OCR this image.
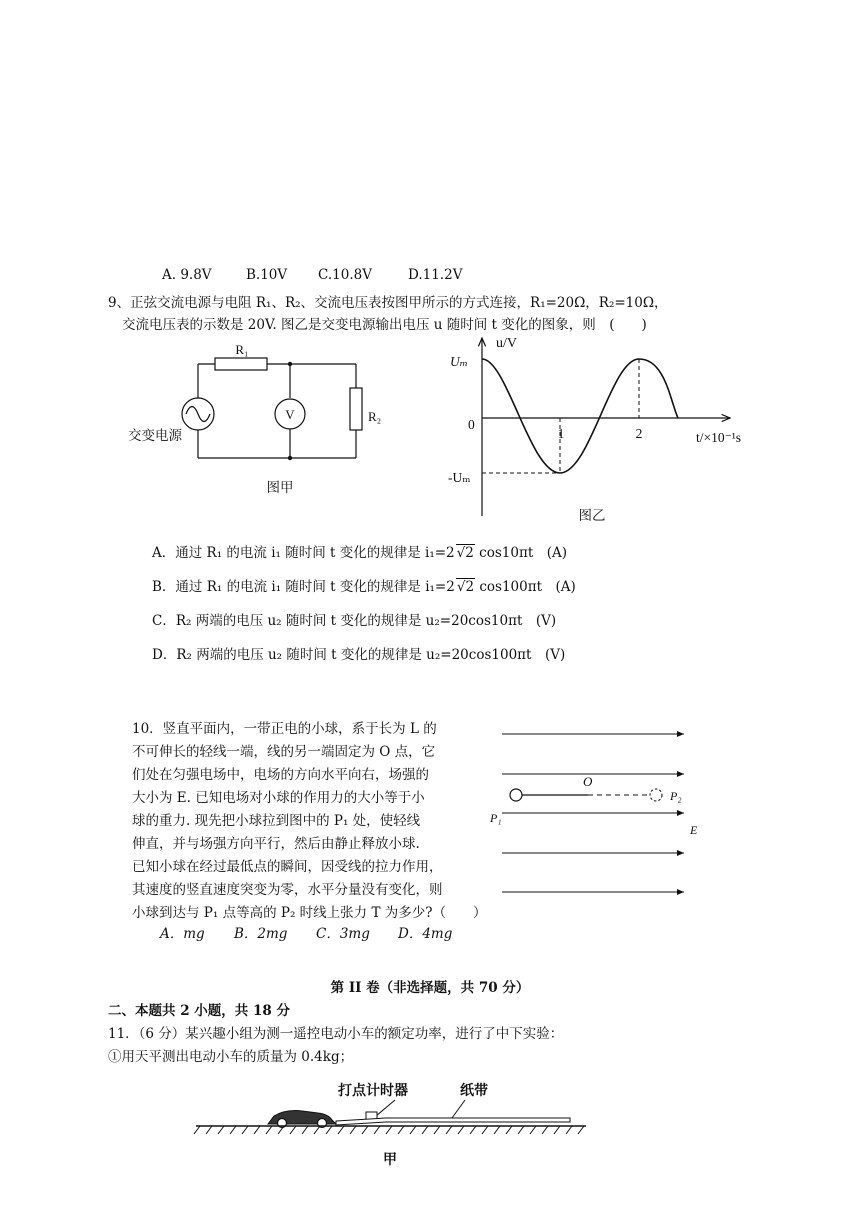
A. 9.8V	B.10V C.10.8V	D.11.2V
9、正弦交流电源与电阻 R₁、R₂、交流电压表按图甲所示的方式连接，R₁=20Ω，R₂=10Ω，
交流电压表的示数是 20V. 图乙是交变电源输出电压 u 随时间 t 变化的图象，则　(　　)
R₁
R₂
V
交变电源
图甲
u/V
Uₘ
0
-Uₘ
1	2	t/×10⁻¹s
图乙
A．通过 R₁ 的电流 i₁ 随时间 t 变化的规律是 i₁=2 √2 cos10πt　(A)
B．通过 R₁ 的电流 i₁ 随时间 t 变化的规律是 i₁=2 √2 cos100πt　(A)
C．R₂ 两端的电压 u₂ 随时间 t 变化的规律是 u₂=20cos10πt　(V)
D．R₂ 两端的电压 u₂ 随时间 t 变化的规律是 u₂=20cos100πt　(V)
10．竖直平面内，一带正电的小球，系于长为 L 的
不可伸长的轻线一端，线的另一端固定为 O 点，它
们处在匀强电场中，电场的方向水平向右，场强的
大小为 E. 已知电场对小球的作用力的大小等于小
球的重力. 现先把小球拉到图中的 P₁ 处，使轻线
伸直，并与场强方向平行，然后由静止释放小球.
已知小球在经过最低点的瞬间，因受线的拉力作用，
其速度的竖直速度突变为零，水平分量没有变化，则
小球到达与 P₁ 点等高的 P₂ 时线上张力 T 为多少?（　　）
A．mg B．2mg C．3mg D．4mg
O
P₁
P₂
E
第 II 卷（非选择题，共 70 分）
二、本题共 2 小题，共 18 分
11．（6 分）某兴趣小组为测一遥控电动小车的额定功率，进行了中下实验：
①用天平测出电动小车的质量为 0.4kg；
打点计时器	纸带
甲
